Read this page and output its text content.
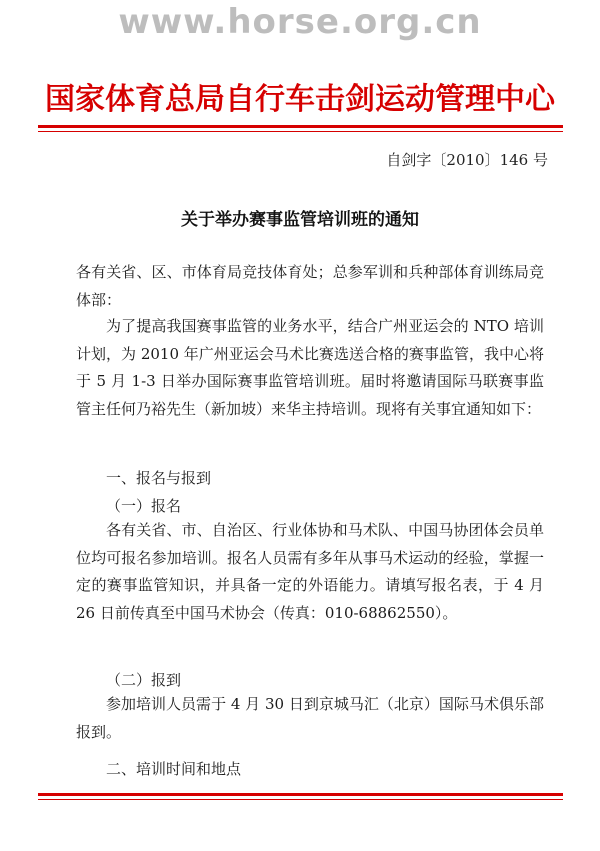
www.horse.org.cn
国家体育总局自行车击剑运动管理中心
自剑字〔2010〕146 号
关于举办赛事监管培训班的通知

各有关省、区、市体育局竞技体育处；总参军训和兵种部体育训练局竞体部：

为了提高我国赛事监管的业务水平，结合广州亚运会的 NTO 培训计划，为 2010 年广州亚运会马术比赛选送合格的赛事监管，我中心将于 5 月 1-3 日举办国际赛事监管培训班。届时将邀请国际马联赛事监管主任何乃裕先生（新加坡）来华主持培训。现将有关事宜通知如下：

一、报名与报到
（一）报名

各有关省、市、自治区、行业体协和马术队、中国马协团体会员单位均可报名参加培训。报名人员需有多年从事马术运动的经验，掌握一定的赛事监管知识，并具备一定的外语能力。请填写报名表，于 4 月 26 日前传真至中国马术协会（传真：010-68862550）。

（二）报到

参加培训人员需于 4 月 30 日到京城马汇（北京）国际马术俱乐部报到。

二、培训时间和地点
